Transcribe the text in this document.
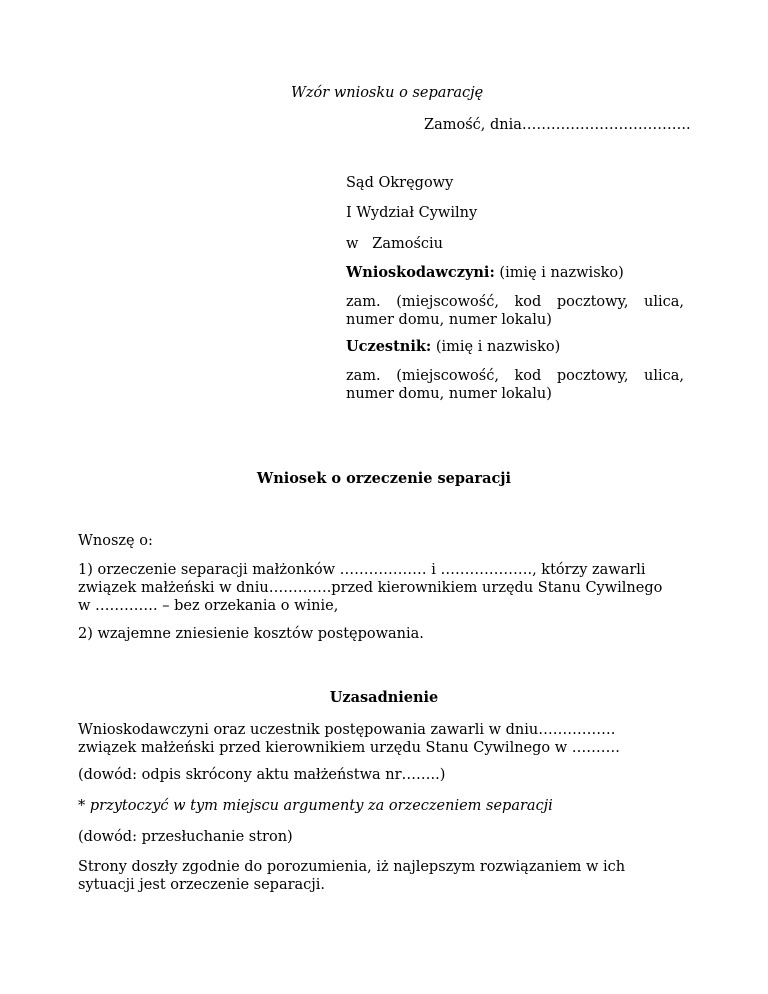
Wzór wniosku o separację

Zamość, dnia……………………………..

Sąd Okręgowy

I Wydział Cywilny

w   Zamościu

Wnioskodawczyni: (imię i nazwisko)

zam. (miejscowość, kod pocztowy, ulica, numer domu, numer lokalu)

Uczestnik: (imię i nazwisko)

zam. (miejscowość, kod pocztowy, ulica, numer domu, numer lokalu)

Wniosek o orzeczenie separacji

Wnoszę o:

1) orzeczenie separacji małżonków ……………… i ………………., którzy zawarli związek małżeński w dniu………….przed kierownikiem urzędu Stanu Cywilnego w …………. – bez orzekania o winie,

2) wzajemne zniesienie kosztów postępowania.

Uzasadnienie

Wnioskodawczyni oraz uczestnik postępowania zawarli w dniu……………. związek małżeński przed kierownikiem urzędu Stanu Cywilnego w ……….

(dowód: odpis skrócony aktu małżeństwa nr……..)

* przytoczyć w tym miejscu argumenty za orzeczeniem separacji

(dowód: przesłuchanie stron)

Strony doszły zgodnie do porozumienia, iż najlepszym rozwiązaniem w ich sytuacji jest orzeczenie separacji.
